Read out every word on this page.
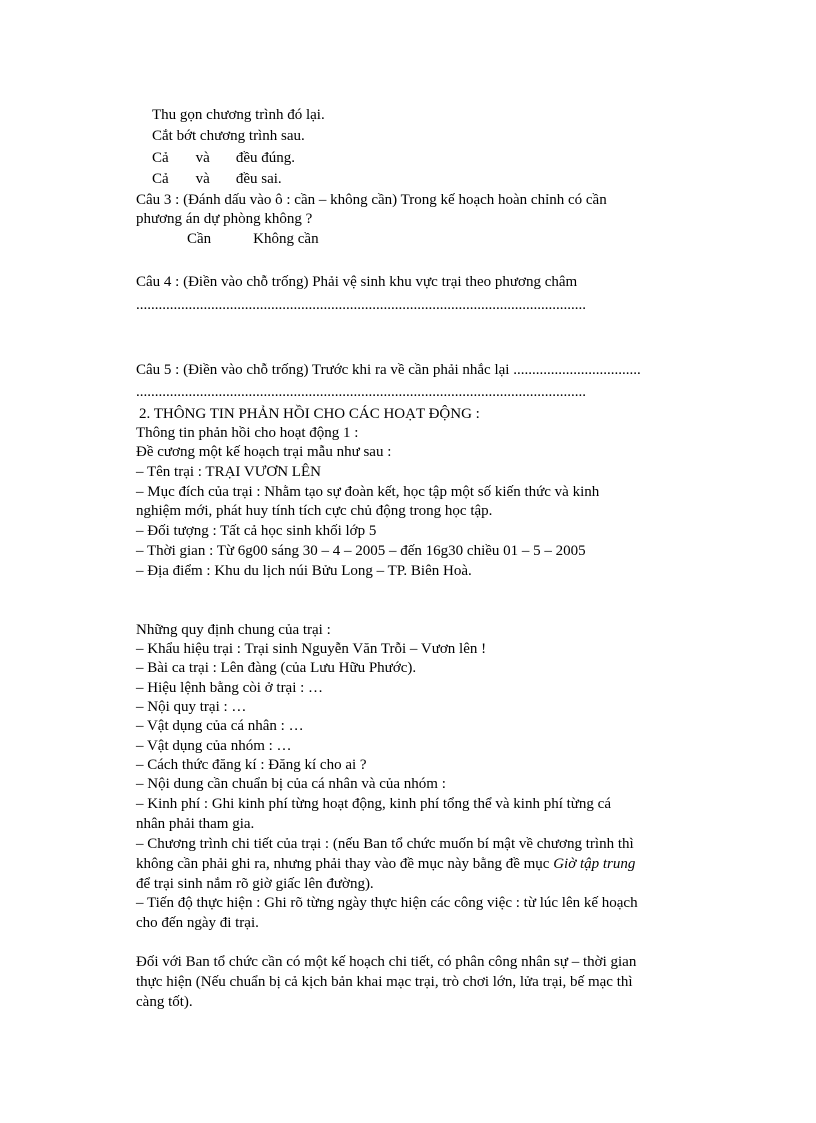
Thu gọn chương trình đó lại.
Cắt bớt chương trình sau.
Cả và đều đúng.
Cả và đều sai.
Câu 3 : (Đánh dấu vào ô : cần – không cần) Trong kế hoạch hoàn chỉnh có cần
phương án dự phòng không ?
Cần	Không cần
Câu 4 : (Điền vào chỗ trống) Phải vệ sinh khu vực trại theo phương châm
........................................................................................................................
Câu 5 : (Điền vào chỗ trống) Trước khi ra về cần phải nhắc lại ..................................
........................................................................................................................
2. THÔNG TIN PHẢN HỒI CHO CÁC HOẠT ĐỘNG :
Thông tin phản hồi cho hoạt động 1 :
Đề cương một kế hoạch trại mẫu như sau :
– Tên trại : TRẠI VƯƠN LÊN
– Mục đích của trại : Nhằm tạo sự đoàn kết, học tập một số kiến thức và kinh
nghiệm mới, phát huy tính tích cực chủ động trong học tập.
– Đối tượng : Tất cả học sinh khối lớp 5
– Thời gian : Từ 6g00 sáng 30 – 4 – 2005 – đến 16g30 chiều 01 – 5 – 2005
– Địa điểm : Khu du lịch núi Bửu Long – TP. Biên Hoà.
Những quy định chung của trại :
– Khẩu hiệu trại : Trại sinh Nguyễn Văn Trỗi – Vươn lên !
– Bài ca trại : Lên đàng (của Lưu Hữu Phước).
– Hiệu lệnh bằng còi ở trại : …
– Nội quy trại : …
– Vật dụng của cá nhân : …
– Vật dụng của nhóm : …
– Cách thức đăng kí : Đăng kí cho ai ?
– Nội dung cần chuẩn bị của cá nhân và của nhóm :
– Kinh phí : Ghi kinh phí từng hoạt động, kinh phí tổng thể và kinh phí từng cá
nhân phải tham gia.
– Chương trình chi tiết của trại : (nếu Ban tổ chức muốn bí mật về chương trình thì
không cần phải ghi ra, nhưng phải thay vào đề mục này bằng đề mục Giờ tập trung
để trại sinh nắm rõ giờ giấc lên đường).
– Tiến độ thực hiện : Ghi rõ từng ngày thực hiện các công việc : từ lúc lên kế hoạch
cho đến ngày đi trại.
Đối với Ban tổ chức cần có một kế hoạch chi tiết, có phân công nhân sự – thời gian
thực hiện (Nếu chuẩn bị cả kịch bản khai mạc trại, trò chơi lớn, lửa trại, bế mạc thì
càng tốt).
